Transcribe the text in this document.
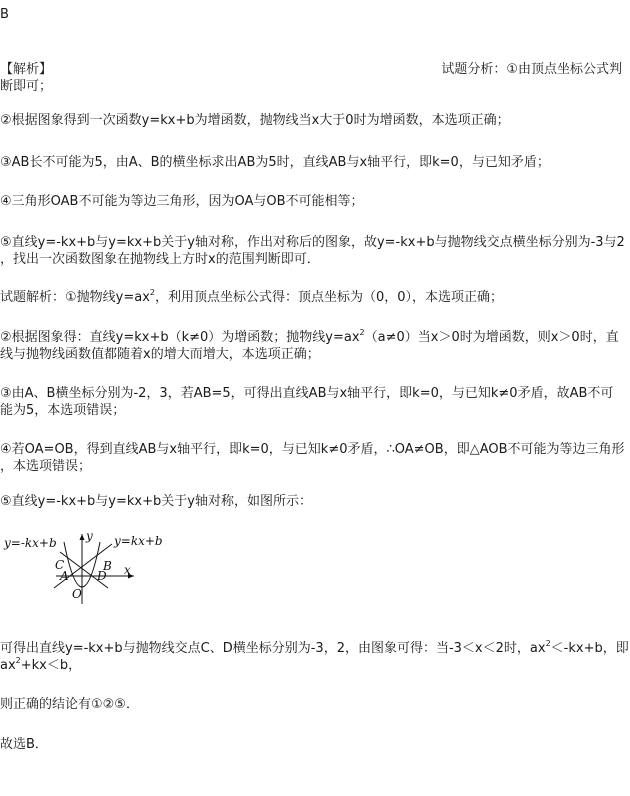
B
【解析】	试题分析：①由顶点坐标公式判
断即可；
②根据图象得到一次函数y=kx+b为增函数，抛物线当x大于0时为增函数，本选项正确；
③AB长不可能为5，由A、B的横坐标求出AB为5时，直线AB与x轴平行，即k=0，与已知矛盾；
④三角形OAB不可能为等边三角形，因为OA与OB不可能相等；
⑤直线y=-kx+b与y=kx+b关于y轴对称，作出对称后的图象，故y=-kx+b与抛物线交点横坐标分别为-3与2
，找出一次函数图象在抛物线上方时x的范围判断即可．
试题解析：①抛物线$y=ax^2$，利用顶点坐标公式得：顶点坐标为（0，0），本选项正确；
②根据图象得：直线y=kx+b（k≠0）为增函数；抛物线$y=ax^2(a\ne 0)$当x＞0时为增函数，则x＞0时，直
线与抛物线函数值都随着x的增大而增大，本选项正确；
③由A、B横坐标分别为-2，3，若AB=5，可得出直线AB与x轴平行，即k=0，与已知k≠0矛盾，故AB不可
能为5，本选项错误；
④若OA=OB，得到直线AB与x轴平行，即k=0，与已知k≠0矛盾，∴OA≠OB，即△AOB不可能为等边三角形
，本选项错误；
⑤直线y=-kx+b与y=kx+b关于y轴对称，如图所示：
y=-kx+b	y=kx+b
y
x
C
A
B
D
O
可得出直线y=-kx+b与抛物线交点C、D横坐标分别为-3，2，由图象可得：当-3＜x＜2时，$ax^2<-kx+b$，即
$ax^2+kx<b$，
则正确的结论有①②⑤．
故选B．
